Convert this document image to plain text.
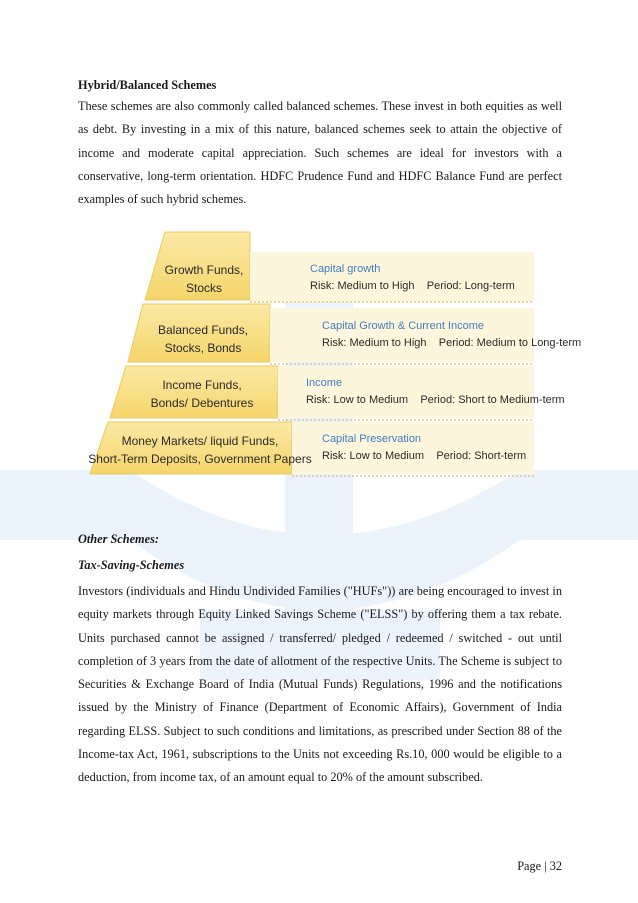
Hybrid/Balanced Schemes

These schemes are also commonly called balanced schemes. These invest in both equities as well as debt. By investing in a mix of this nature, balanced schemes seek to attain the objective of income and moderate capital appreciation. Such schemes are ideal for investors with a conservative, long-term orientation. HDFC Prudence Fund and HDFC Balance Fund are perfect examples of such hybrid schemes.

Growth Funds,
Stocks
Balanced Funds,
Stocks, Bonds
Income Funds,
Bonds/ Debentures
Money Markets/ liquid Funds,
Short-Term Deposits, Government Papers
Capital growth
Risk: Medium to High    Period: Long-term
Capital Growth & Current Income
Risk: Medium to High    Period: Medium to Long-term
Income
Risk: Low to Medium    Period: Short to Medium-term
Capital Preservation
Risk: Low to Medium    Period: Short-term
Other Schemes:
Tax-Saving-Schemes

Investors (individuals and Hindu Undivided Families ("HUFs")) are being encouraged to invest in equity markets through Equity Linked Savings Scheme ("ELSS") by offering them a tax rebate. Units purchased cannot be assigned / transferred/ pledged / redeemed / switched - out until completion of 3 years from the date of allotment of the respective Units. The Scheme is subject to Securities & Exchange Board of India (Mutual Funds) Regulations, 1996 and the notifications issued by the Ministry of Finance (Department of Economic Affairs), Government of India regarding ELSS. Subject to such conditions and limitations, as prescribed under Section 88 of the Income-tax Act, 1961, subscriptions to the Units not exceeding Rs.10, 000 would be eligible to a deduction, from income tax, of an amount equal to 20% of the amount subscribed.

Page | 32
